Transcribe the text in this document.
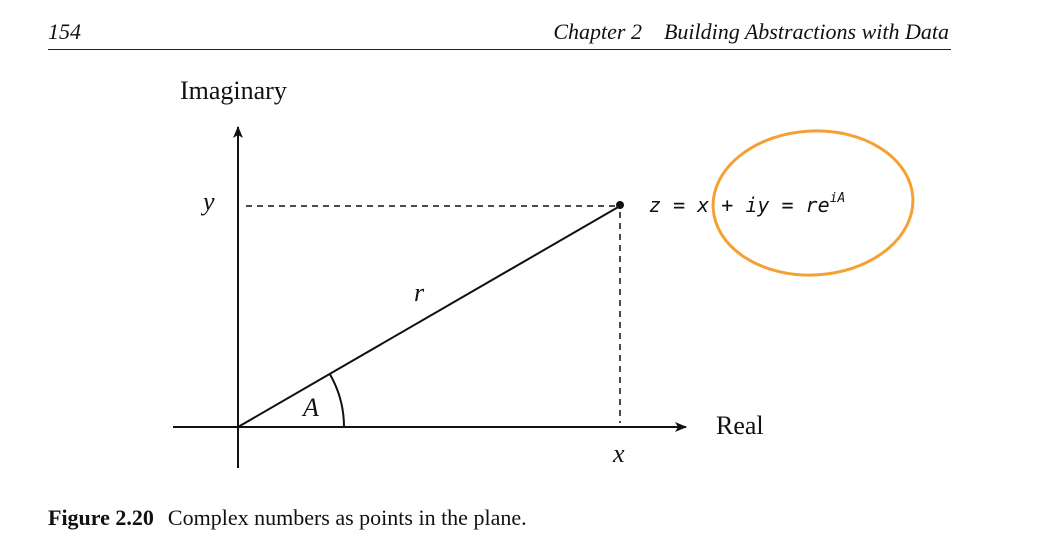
154	Chapter 2 Building Abstractions with Data
Imaginary
Real
y
x
r
A
z = x + iy = $re^{iA}$
Figure 2.20 Complex numbers as points in the plane.
